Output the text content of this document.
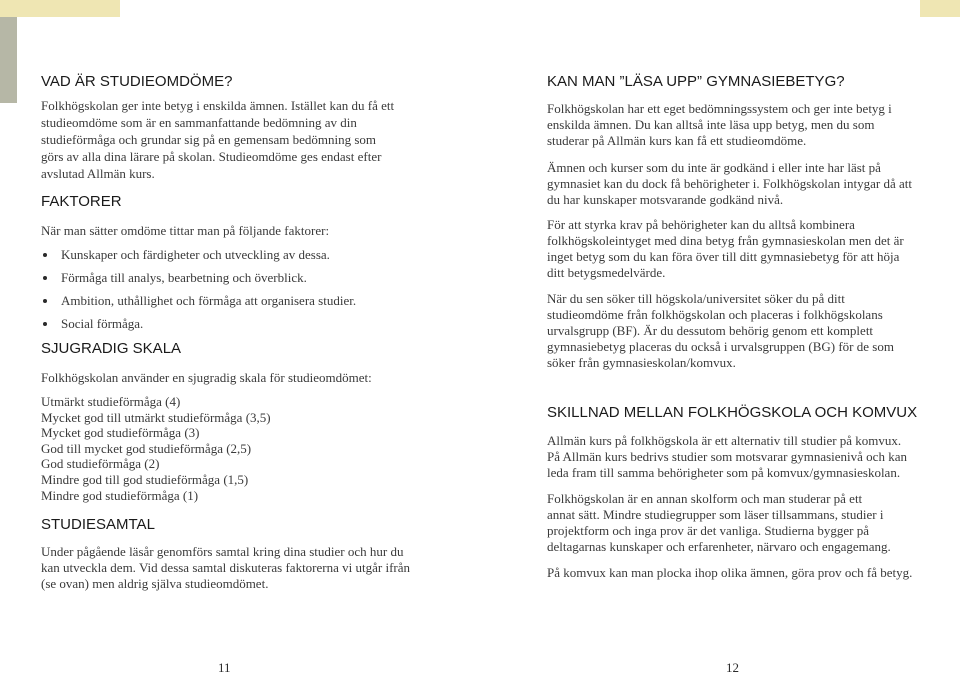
VAD ÄR STUDIEOMDÖME?

Folkhögskolan ger inte betyg i enskilda ämnen. Istället kan du få ett studieomdöme som är en sammanfattande bedömning av din studieförmåga och grundar sig på en gemensam bedömning som görs av alla dina lärare på skolan. Studieomdöme ges endast efter avslutad Allmän kurs.

FAKTORER

När man sätter omdöme tittar man på följande faktorer:

Kunskaper och färdigheter och utveckling av dessa.
Förmåga till analys, bearbetning och överblick.
Ambition, uthållighet och förmåga att organisera studier.
Social förmåga.
SJUGRADIG SKALA

Folkhögskolan använder en sjugradig skala för studieomdömet:

Utmärkt studieförmåga (4)
Mycket god till utmärkt studieförmåga (3,5)
Mycket god studieförmåga (3)
God till mycket god studieförmåga (2,5)
God studieförmåga (2)
Mindre god till god studieförmåga (1,5)
Mindre god studieförmåga (1)
STUDIESAMTAL

Under pågående läsår genomförs samtal kring dina studier och hur du kan utveckla dem. Vid dessa samtal diskuteras faktorerna vi utgår ifrån (se ovan) men aldrig själva studieomdömet.

KAN MAN ”LÄSA UPP” GYMNASIEBETYG?

Folkhögskolan har ett eget bedömningssystem och ger inte betyg i enskilda ämnen. Du kan alltså inte läsa upp betyg, men du som studerar på Allmän kurs kan få ett studieomdöme.

Ämnen och kurser som du inte är godkänd i eller inte har läst på gymnasiet kan du dock få behörigheter i. Folkhögskolan intygar då att du har kunskaper motsvarande godkänd nivå.

För att styrka krav på behörigheter kan du alltså kombinera folkhögskoleintyget med dina betyg från gymnasieskolan men det är inget betyg som du kan föra över till ditt gymnasiebetyg för att höja ditt betygsmedelvärde.

När du sen söker till högskola/universitet söker du på ditt studieomdöme från folkhögskolan och placeras i folkhögskolans urvalsgrupp (BF). Är du dessutom behörig genom ett komplett gymnasiebetyg placeras du också i urvalsgruppen (BG) för de som söker från gymnasieskolan/komvux.

SKILLNAD MELLAN FOLKHÖGSKOLA OCH KOMVUX

Allmän kurs på folkhögskola är ett alternativ till studier på komvux. På Allmän kurs bedrivs studier som motsvarar gymnasienivå och kan leda fram till samma behörigheter som på komvux/gymnasieskolan.

Folkhögskolan är en annan skolform och man studerar på ett annat sätt. Mindre studiegrupper som läser tillsammans, studier i projektform och inga prov är det vanliga. Studierna bygger på deltagarnas kunskaper och erfarenheter, närvaro och engagemang.

På komvux kan man plocka ihop olika ämnen, göra prov och få betyg.

11	12
